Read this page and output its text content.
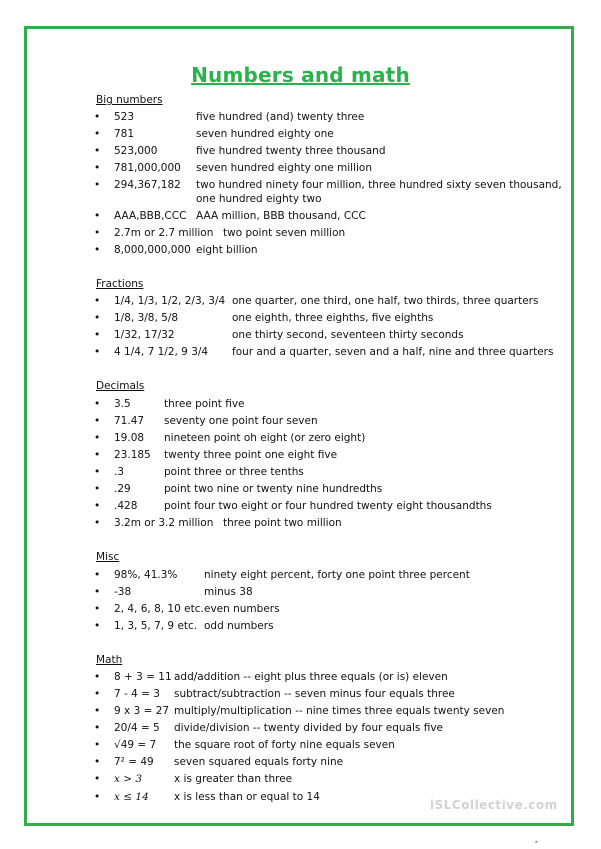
Numbers and math
Big numbers
• 523	five hundred (and) twenty three
• 781	seven hundred eighty one
• 523,000	five hundred twenty three thousand
• 781,000,000 seven hundred eighty one million
• 294,367,182 two hundred ninety four million, three hundred sixty seven thousand,
one hundred eighty two
• AAA,BBB,CCC AAA million, BBB thousand, CCC
• 2.7m or 2.7 million two point seven million
• 8,000,000,000 eight billion
Fractions
• 1/4, 1/3, 1/2, 2/3, 3/4 one quarter, one third, one half, two thirds, three quarters
• 1/8, 3/8, 5/8	one eighth, three eighths, five eighths
• 1/32, 17/32	one thirty second, seventeen thirty seconds
• 4 1/4, 7 1/2, 9 3/4 four and a quarter, seven and a half, nine and three quarters
Decimals
• 3.5	three point five
• 71.47 seventy one point four seven
• 19.08 nineteen point oh eight (or zero eight)
• 23.185 twenty three point one eight five
• .3	point three or three tenths
• .29	point two nine or twenty nine hundredths
• .428	point four two eight or four hundred twenty eight thousandths
• 3.2m or 3.2 million three point two million
Misc
• 98%, 41.3%	ninety eight percent, forty one point three percent
• -38	minus 38
• 2, 4, 6, 8, 10 etc. even numbers
• 1, 3, 5, 7, 9 etc. odd numbers
Math
• 8 + 3 = 11 add/addition -- eight plus three equals (or is) eleven
• 7 - 4 = 3 subtract/subtraction -- seven minus four equals three
• 9 x 3 = 27 multiply/multiplication -- nine times three equals twenty seven
• 20/4 = 5 divide/division -- twenty divided by four equals five
• √49 = 7 the square root of forty nine equals seven
• 7² = 49 seven squared equals forty nine
• x > 3	x is greater than three
• x ≤ 14 x is less than or equal to 14
iSLCollective.com
•
